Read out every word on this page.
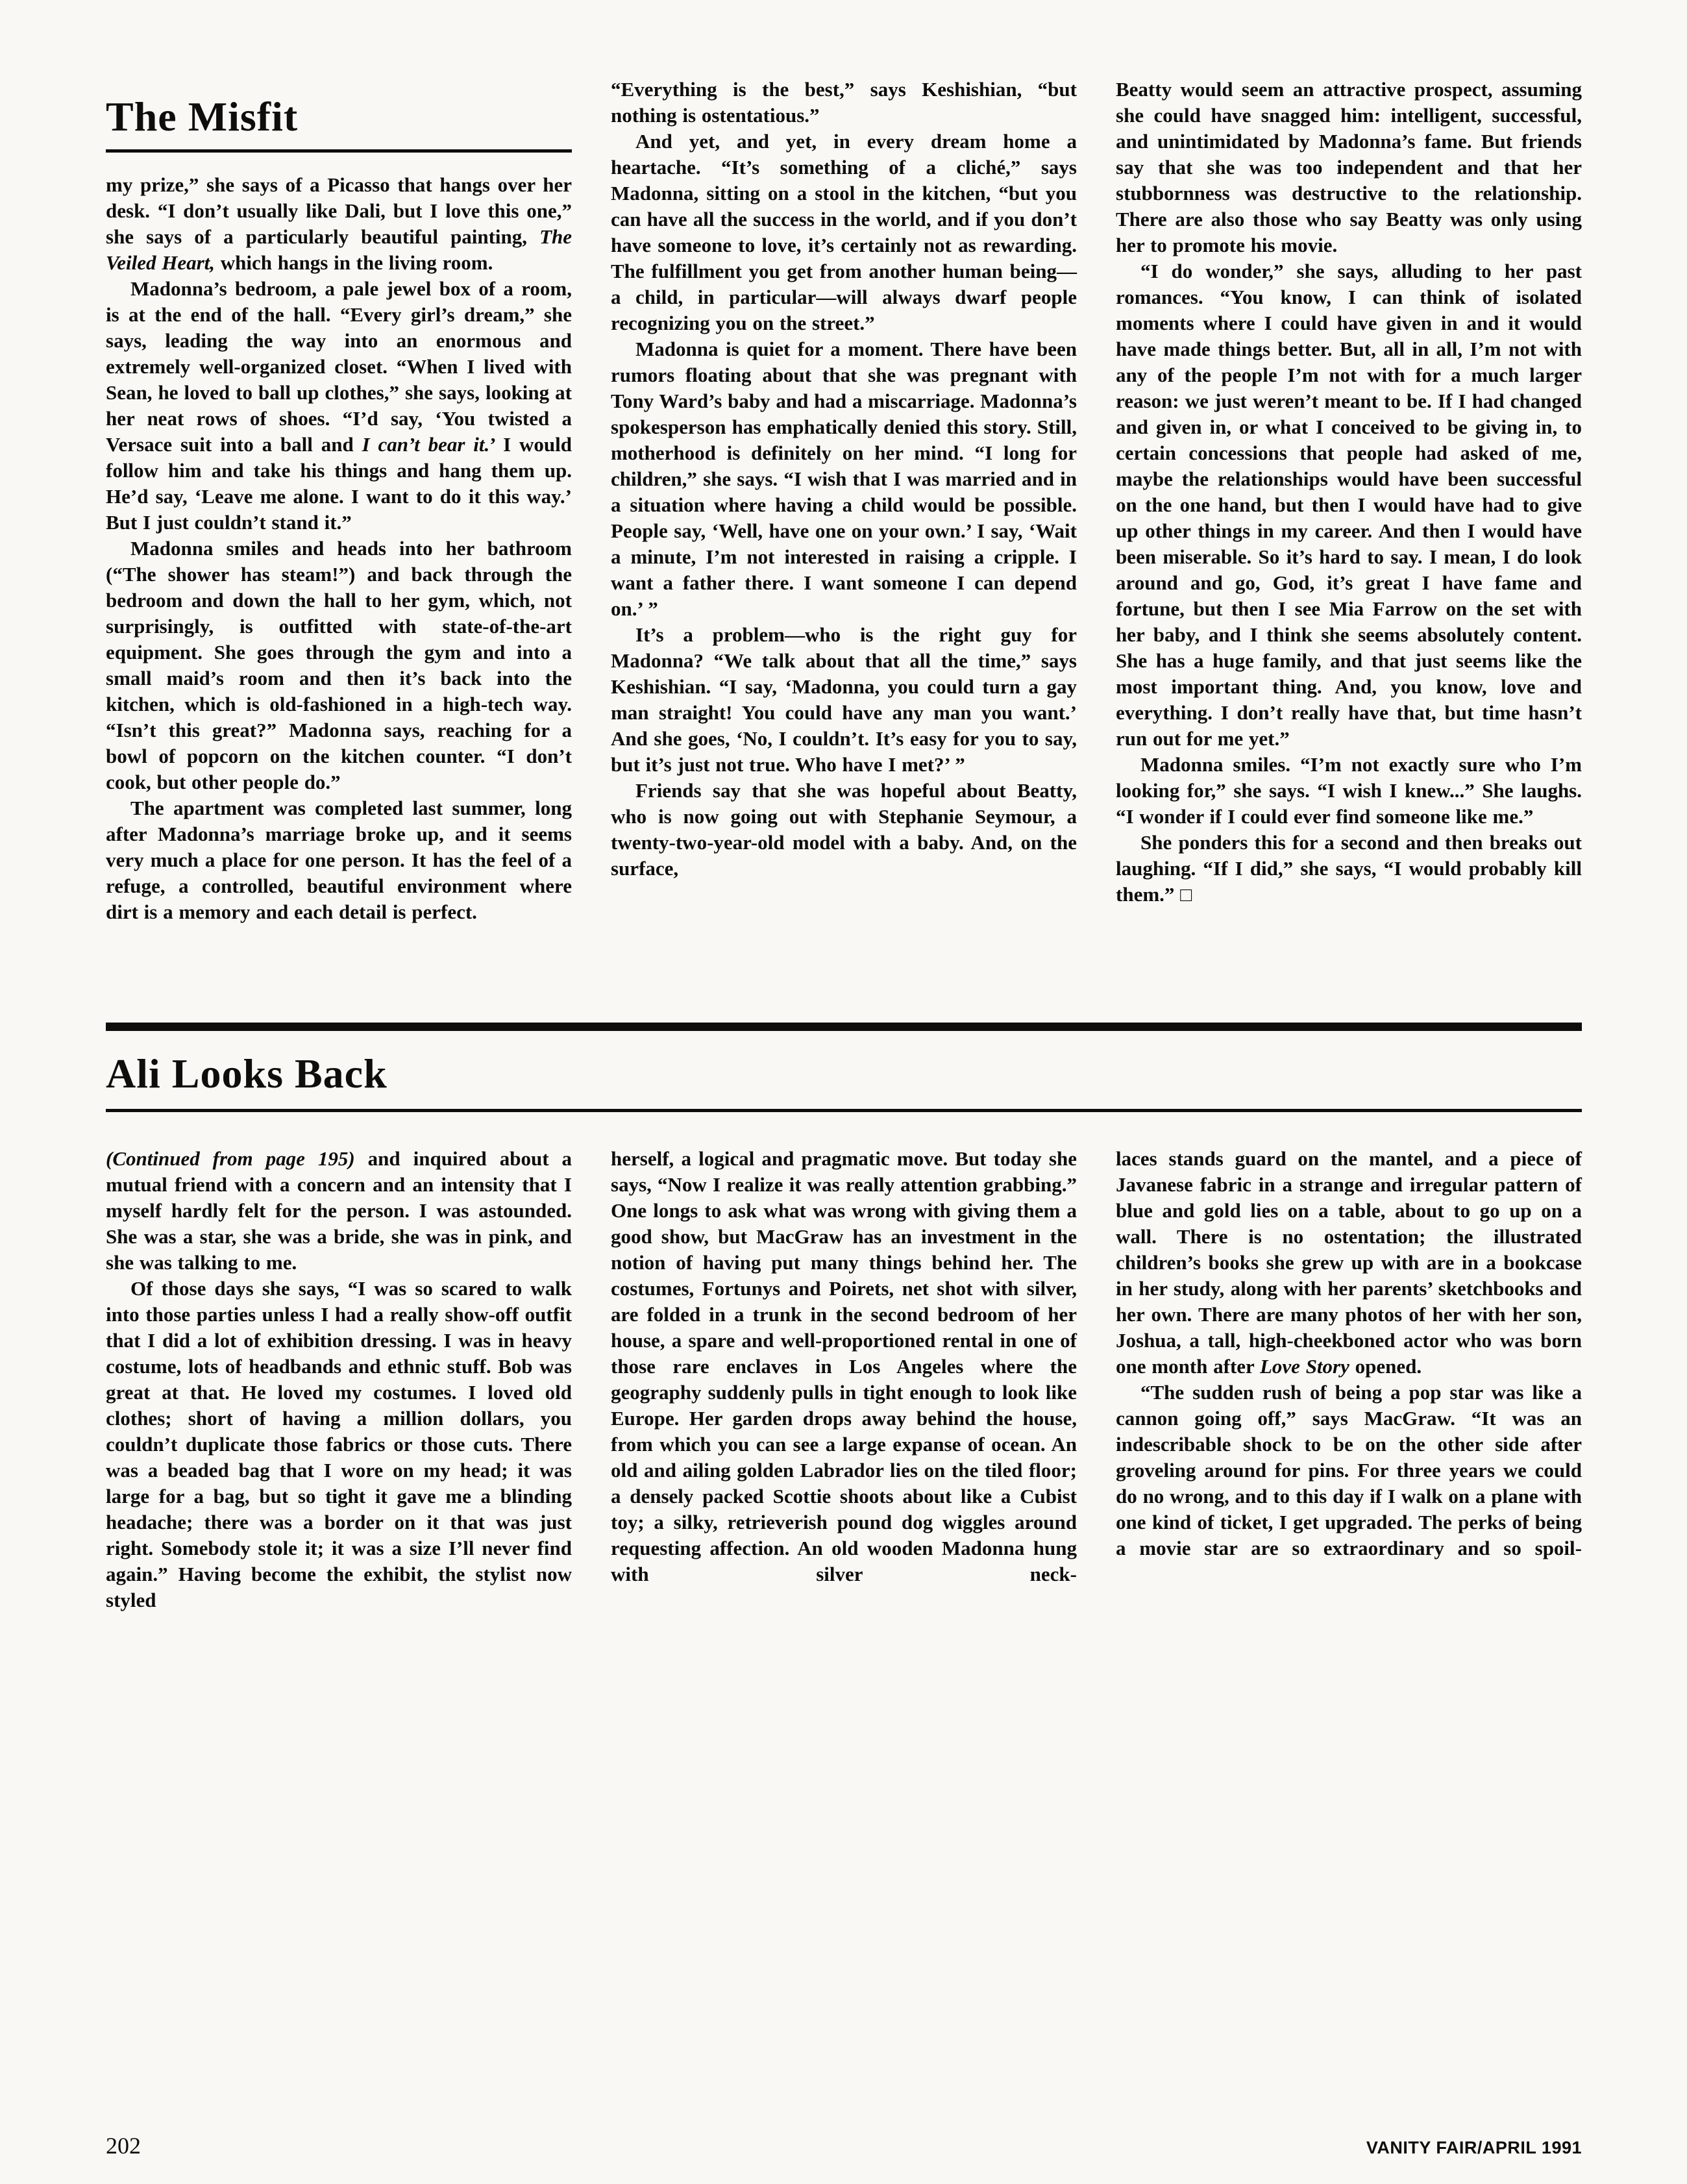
The Misfit

my prize,” she says of a Picasso that hangs over her desk. “I don’t usually like Dali, but I love this one,” she says of a particularly beautiful painting, The Veiled Heart, which hangs in the living room.

Madonna’s bedroom, a pale jewel box of a room, is at the end of the hall. “Every girl’s dream,” she says, leading the way into an enormous and extremely well-organized closet. “When I lived with Sean, he loved to ball up clothes,” she says, looking at her neat rows of shoes. “I’d say, ‘You twisted a Versace suit into a ball and I can’t bear it.’ I would follow him and take his things and hang them up. He’d say, ‘Leave me alone. I want to do it this way.’ But I just couldn’t stand it.”

Madonna smiles and heads into her bathroom (“The shower has steam!”) and back through the bedroom and down the hall to her gym, which, not surprisingly, is outfitted with state-of-the-art equipment. She goes through the gym and into a small maid’s room and then it’s back into the kitchen, which is old-fashioned in a high-tech way. “Isn’t this great?” Madonna says, reaching for a bowl of popcorn on the kitchen counter. “I don’t cook, but other people do.”

The apartment was completed last summer, long after Madonna’s marriage broke up, and it seems very much a place for one person. It has the feel of a refuge, a controlled, beautiful environment where dirt is a memory and each detail is perfect.

“Everything is the best,” says Keshishian, “but nothing is ostentatious.”

And yet, and yet, in every dream home a heartache. “It’s something of a cliché,” says Madonna, sitting on a stool in the kitchen, “but you can have all the success in the world, and if you don’t have someone to love, it’s certainly not as rewarding. The fulfillment you get from another human being—a child, in particular—will always dwarf people recognizing you on the street.”

Madonna is quiet for a moment. There have been rumors floating about that she was pregnant with Tony Ward’s baby and had a miscarriage. Madonna’s spokesperson has emphatically denied this story. Still, motherhood is definitely on her mind. “I long for children,” she says. “I wish that I was married and in a situation where having a child would be possible. People say, ‘Well, have one on your own.’ I say, ‘Wait a minute, I’m not interested in raising a cripple. I want a father there. I want someone I can depend on.’ ”

It’s a problem—who is the right guy for Madonna? “We talk about that all the time,” says Keshishian. “I say, ‘Madonna, you could turn a gay man straight! You could have any man you want.’ And she goes, ‘No, I couldn’t. It’s easy for you to say, but it’s just not true. Who have I met?’ ”

Friends say that she was hopeful about Beatty, who is now going out with Stephanie Seymour, a twenty-two-year-old model with a baby. And, on the surface,

Beatty would seem an attractive prospect, assuming she could have snagged him: intelligent, successful, and unintimidated by Madonna’s fame. But friends say that she was too independent and that her stubbornness was destructive to the relationship. There are also those who say Beatty was only using her to promote his movie.

“I do wonder,” she says, alluding to her past romances. “You know, I can think of isolated moments where I could have given in and it would have made things better. But, all in all, I’m not with any of the people I’m not with for a much larger reason: we just weren’t meant to be. If I had changed and given in, or what I conceived to be giving in, to certain concessions that people had asked of me, maybe the relationships would have been successful on the one hand, but then I would have had to give up other things in my career. And then I would have been miserable. So it’s hard to say. I mean, I do look around and go, God, it’s great I have fame and fortune, but then I see Mia Farrow on the set with her baby, and I think she seems absolutely content. She has a huge family, and that just seems like the most important thing. And, you know, love and everything. I don’t really have that, but time hasn’t run out for me yet.”

Madonna smiles. “I’m not exactly sure who I’m looking for,” she says. “I wish I knew...” She laughs. “I wonder if I could ever find someone like me.”

She ponders this for a second and then breaks out laughing. “If I did,” she says, “I would probably kill them.” □

Ali Looks Back

(Continued from page 195) and inquired about a mutual friend with a concern and an intensity that I myself hardly felt for the person. I was astounded. She was a star, she was a bride, she was in pink, and she was talking to me.

Of those days she says, “I was so scared to walk into those parties unless I had a really show-off outfit that I did a lot of exhibition dressing. I was in heavy costume, lots of headbands and ethnic stuff. Bob was great at that. He loved my costumes. I loved old clothes; short of having a million dollars, you couldn’t duplicate those fabrics or those cuts. There was a beaded bag that I wore on my head; it was large for a bag, but so tight it gave me a blinding headache; there was a border on it that was just right. Somebody stole it; it was a size I’ll never find again.” Having become the exhibit, the stylist now styled

herself, a logical and pragmatic move. But today she says, “Now I realize it was really attention grabbing.” One longs to ask what was wrong with giving them a good show, but MacGraw has an investment in the notion of having put many things behind her. The costumes, Fortunys and Poirets, net shot with silver, are folded in a trunk in the second bedroom of her house, a spare and well-proportioned rental in one of those rare enclaves in Los Angeles where the geography suddenly pulls in tight enough to look like Europe. Her garden drops away behind the house, from which you can see a large expanse of ocean. An old and ailing golden Labrador lies on the tiled floor; a densely packed Scottie shoots about like a Cubist toy; a silky, retrieverish pound dog wiggles around requesting affection. An old wooden Madonna hung with silver neck-

laces stands guard on the mantel, and a piece of Javanese fabric in a strange and irregular pattern of blue and gold lies on a table, about to go up on a wall. There is no ostentation; the illustrated children’s books she grew up with are in a bookcase in her study, along with her parents’ sketchbooks and her own. There are many photos of her with her son, Joshua, a tall, high-cheekboned actor who was born one month after Love Story opened.

“The sudden rush of being a pop star was like a cannon going off,” says MacGraw. “It was an indescribable shock to be on the other side after groveling around for pins. For three years we could do no wrong, and to this day if I walk on a plane with one kind of ticket, I get upgraded. The perks of being a movie star are so extraordinary and so spoil-

202	VANITY FAIR/APRIL 1991
